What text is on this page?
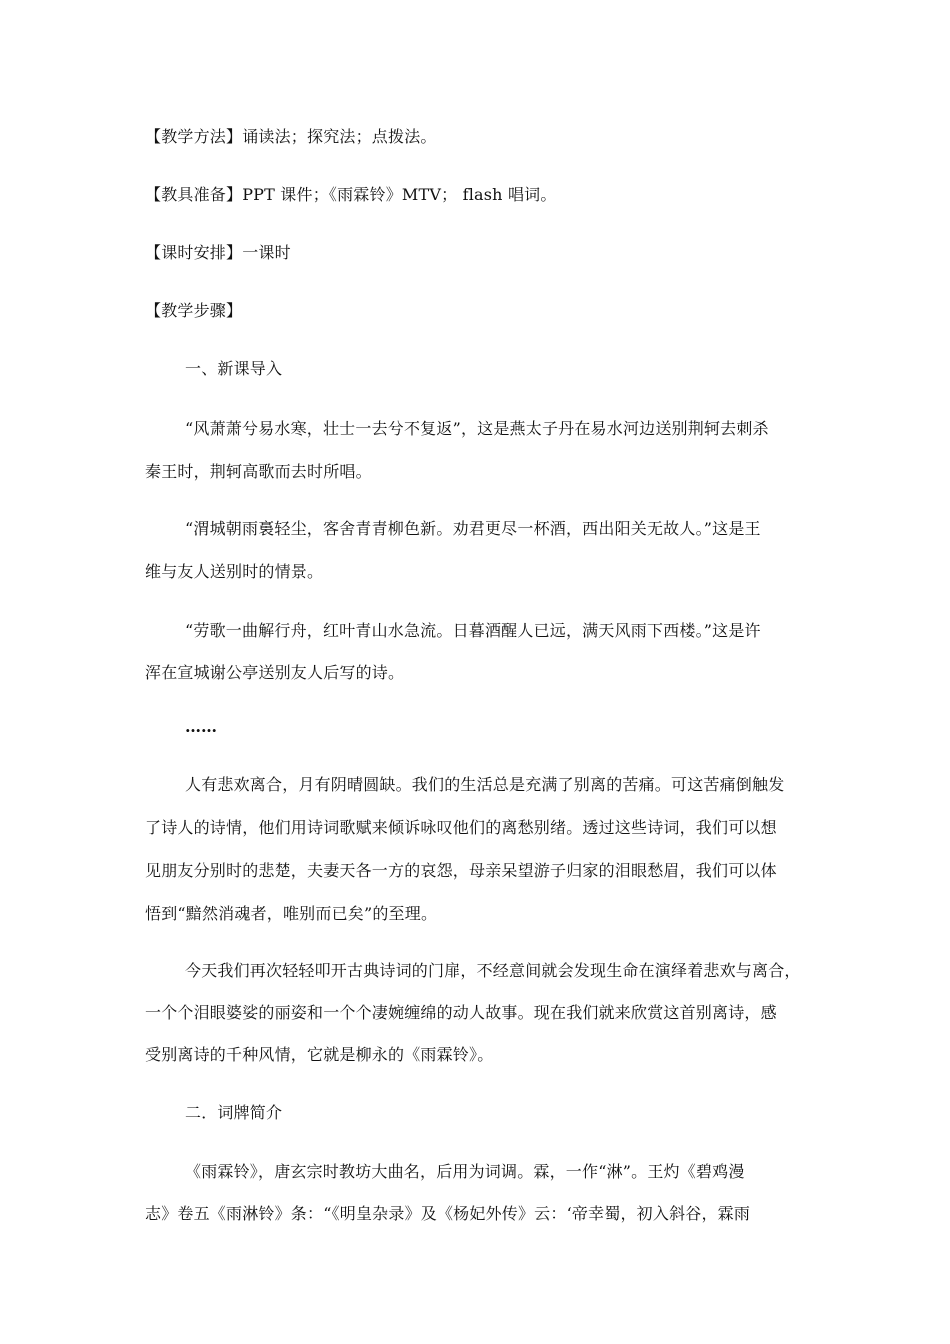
【教学方法】诵读法；探究法；点拨法。
【教具准备】PPT 课件；《雨霖铃》MTV； flash 唱词。
【课时安排】一课时
【教学步骤】
一、新课导入
“风萧萧兮易水寒，壮士一去兮不复返”，这是燕太子丹在易水河边送别荆轲去刺杀
秦王时，荆轲高歌而去时所唱。
“渭城朝雨裛轻尘，客舍青青柳色新。劝君更尽一杯酒，西出阳关无故人。”这是王
维与友人送别时的情景。
“劳歌一曲解行舟，红叶青山水急流。日暮酒醒人已远，满天风雨下西楼。”这是许
浑在宣城谢公亭送别友人后写的诗。
……
人有悲欢离合，月有阴晴圆缺。我们的生活总是充满了别离的苦痛。可这苦痛倒触发
了诗人的诗情，他们用诗词歌赋来倾诉咏叹他们的离愁别绪。透过这些诗词，我们可以想
见朋友分别时的悲楚，夫妻天各一方的哀怨，母亲呆望游子归家的泪眼愁眉，我们可以体
悟到“黯然消魂者，唯别而已矣”的至理。
今天我们再次轻轻叩开古典诗词的门扉，不经意间就会发现生命在演绎着悲欢与离合，
一个个泪眼婆娑的丽姿和一个个凄婉缠绵的动人故事。现在我们就来欣赏这首别离诗，感
受别离诗的千种风情，它就是柳永的《雨霖铃》。
二．词牌简介
《雨霖铃》，唐玄宗时教坊大曲名，后用为词调。霖，一作“淋”。王灼《碧鸡漫
志》卷五《雨淋铃》条：“《明皇杂录》及《杨妃外传》云：‘帝幸蜀，初入斜谷，霖雨
